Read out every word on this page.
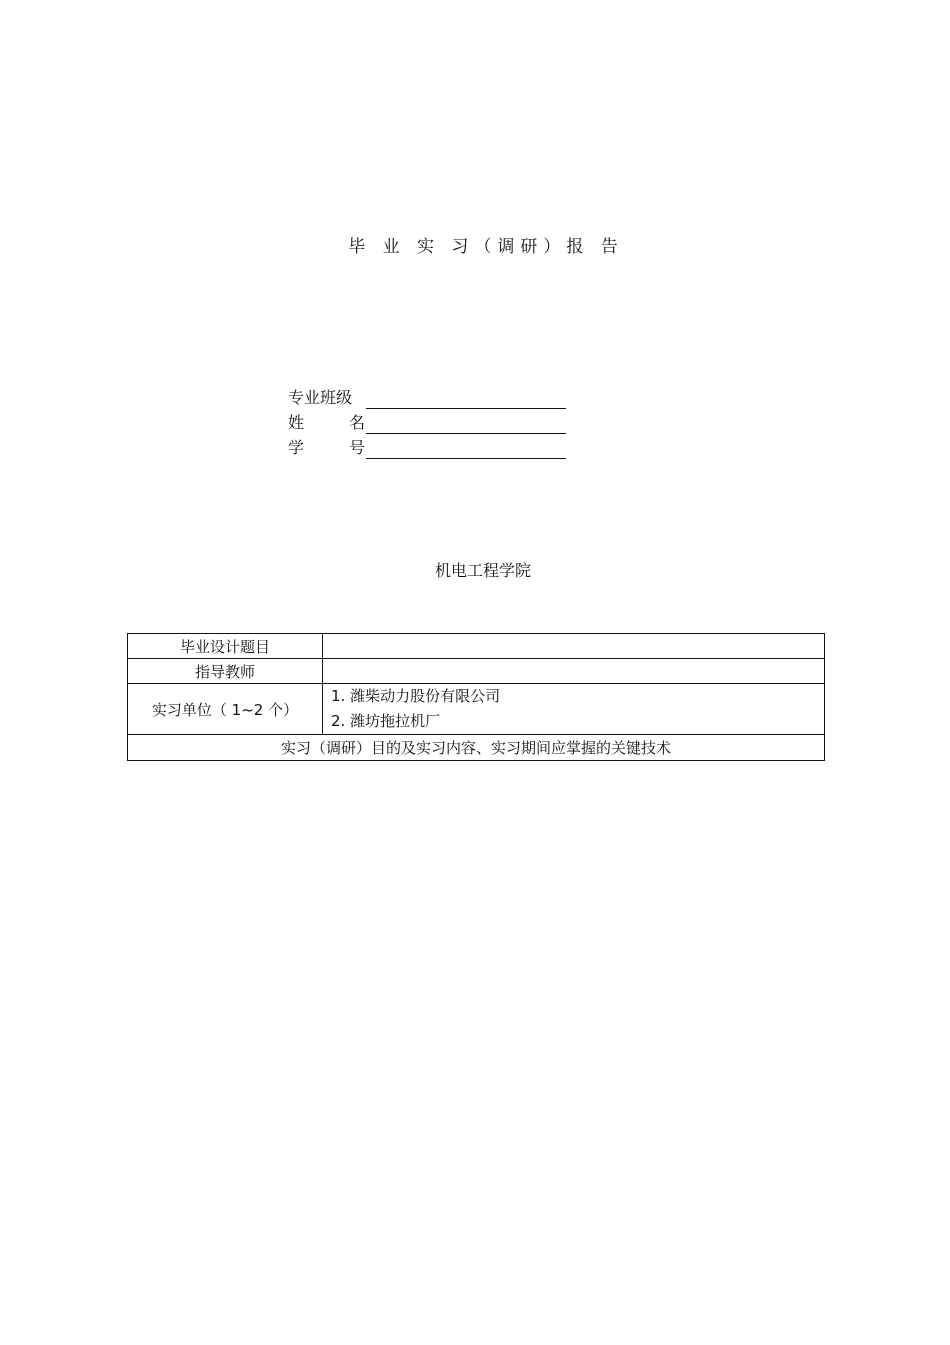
毕 业 实 习（调研）报 告
专业班级
姓	名
学	号
机电工程学院
毕业设计题目	
指导教师	
实习单位（ 1~2 个）	1. 潍柴动力股份有限公司
2. 潍坊拖拉机厂

实习（调研）目的及实习内容、实习期间应掌握的关键技术	
